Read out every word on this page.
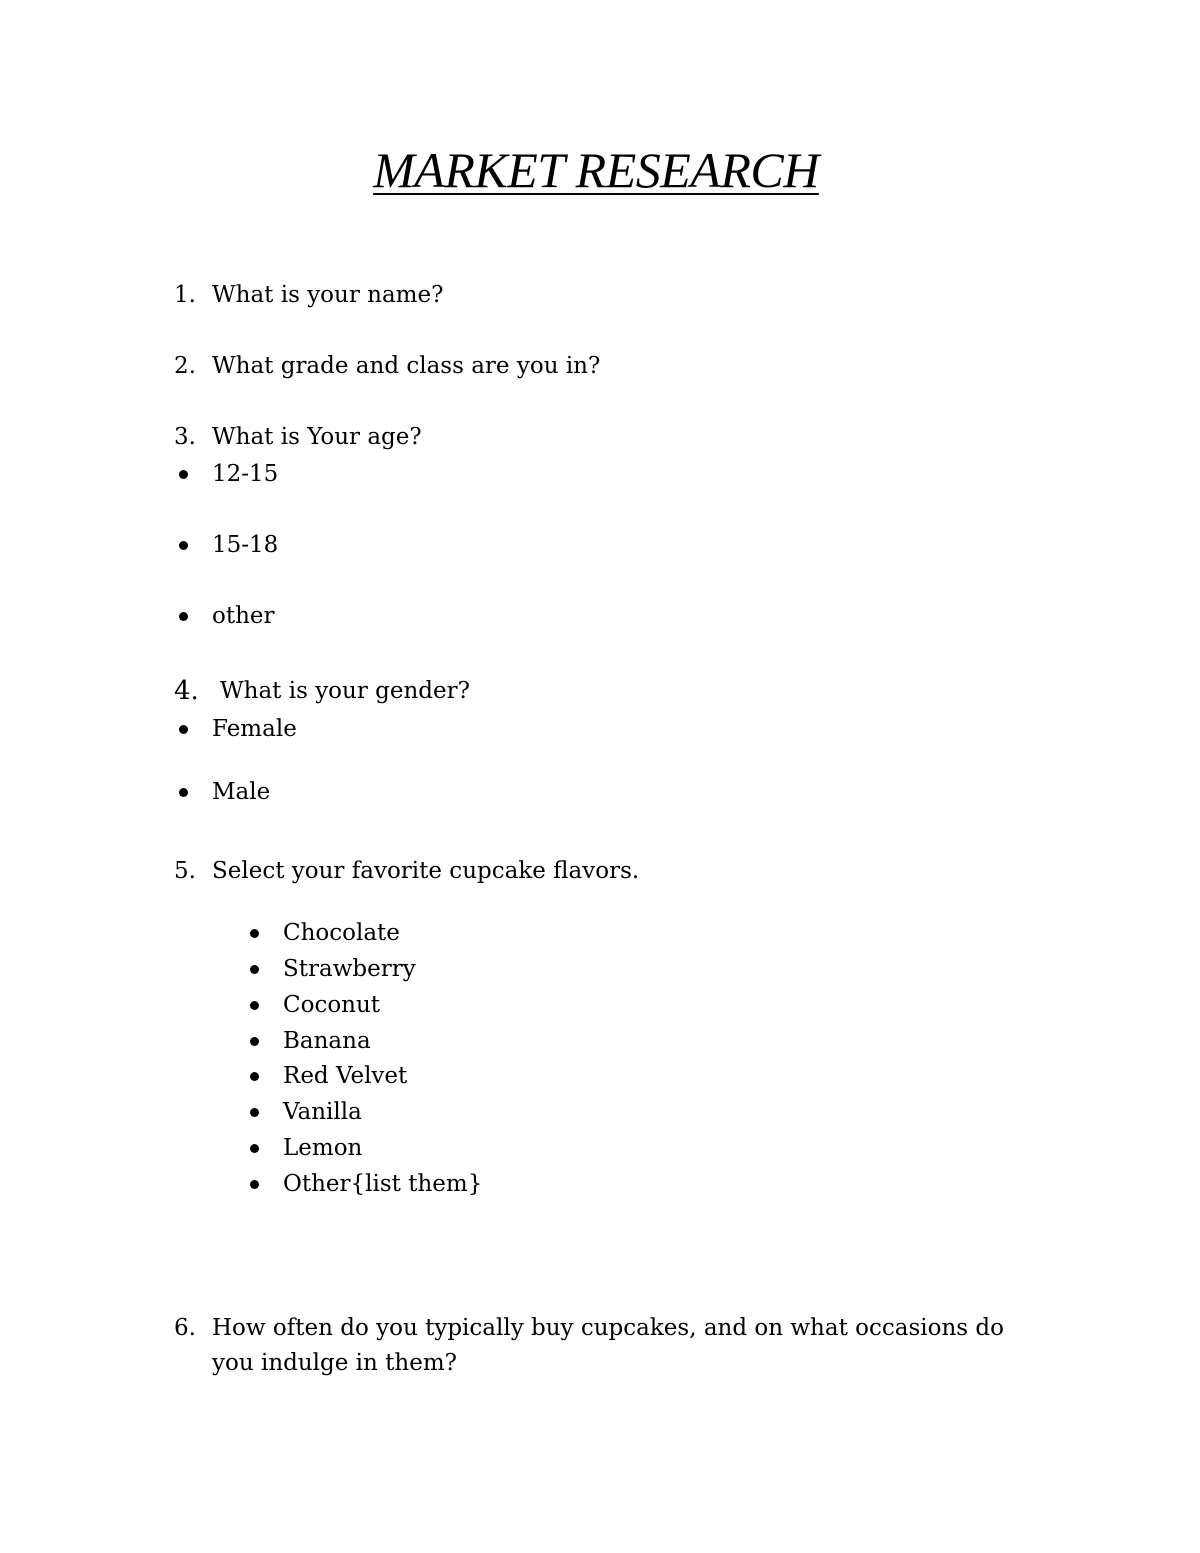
MARKET RESEARCH
1. What is your name?
2. What grade and class are you in?
3. What is Your age?
12-15
15-18
other
4. What is your gender?
Female
Male
5. Select your favorite cupcake flavors.
Chocolate
Strawberry
Coconut
Banana
Red Velvet
Vanilla
Lemon
Other{list them}
6. How often do you typically buy cupcakes, and on what occasions do
you indulge in them?
